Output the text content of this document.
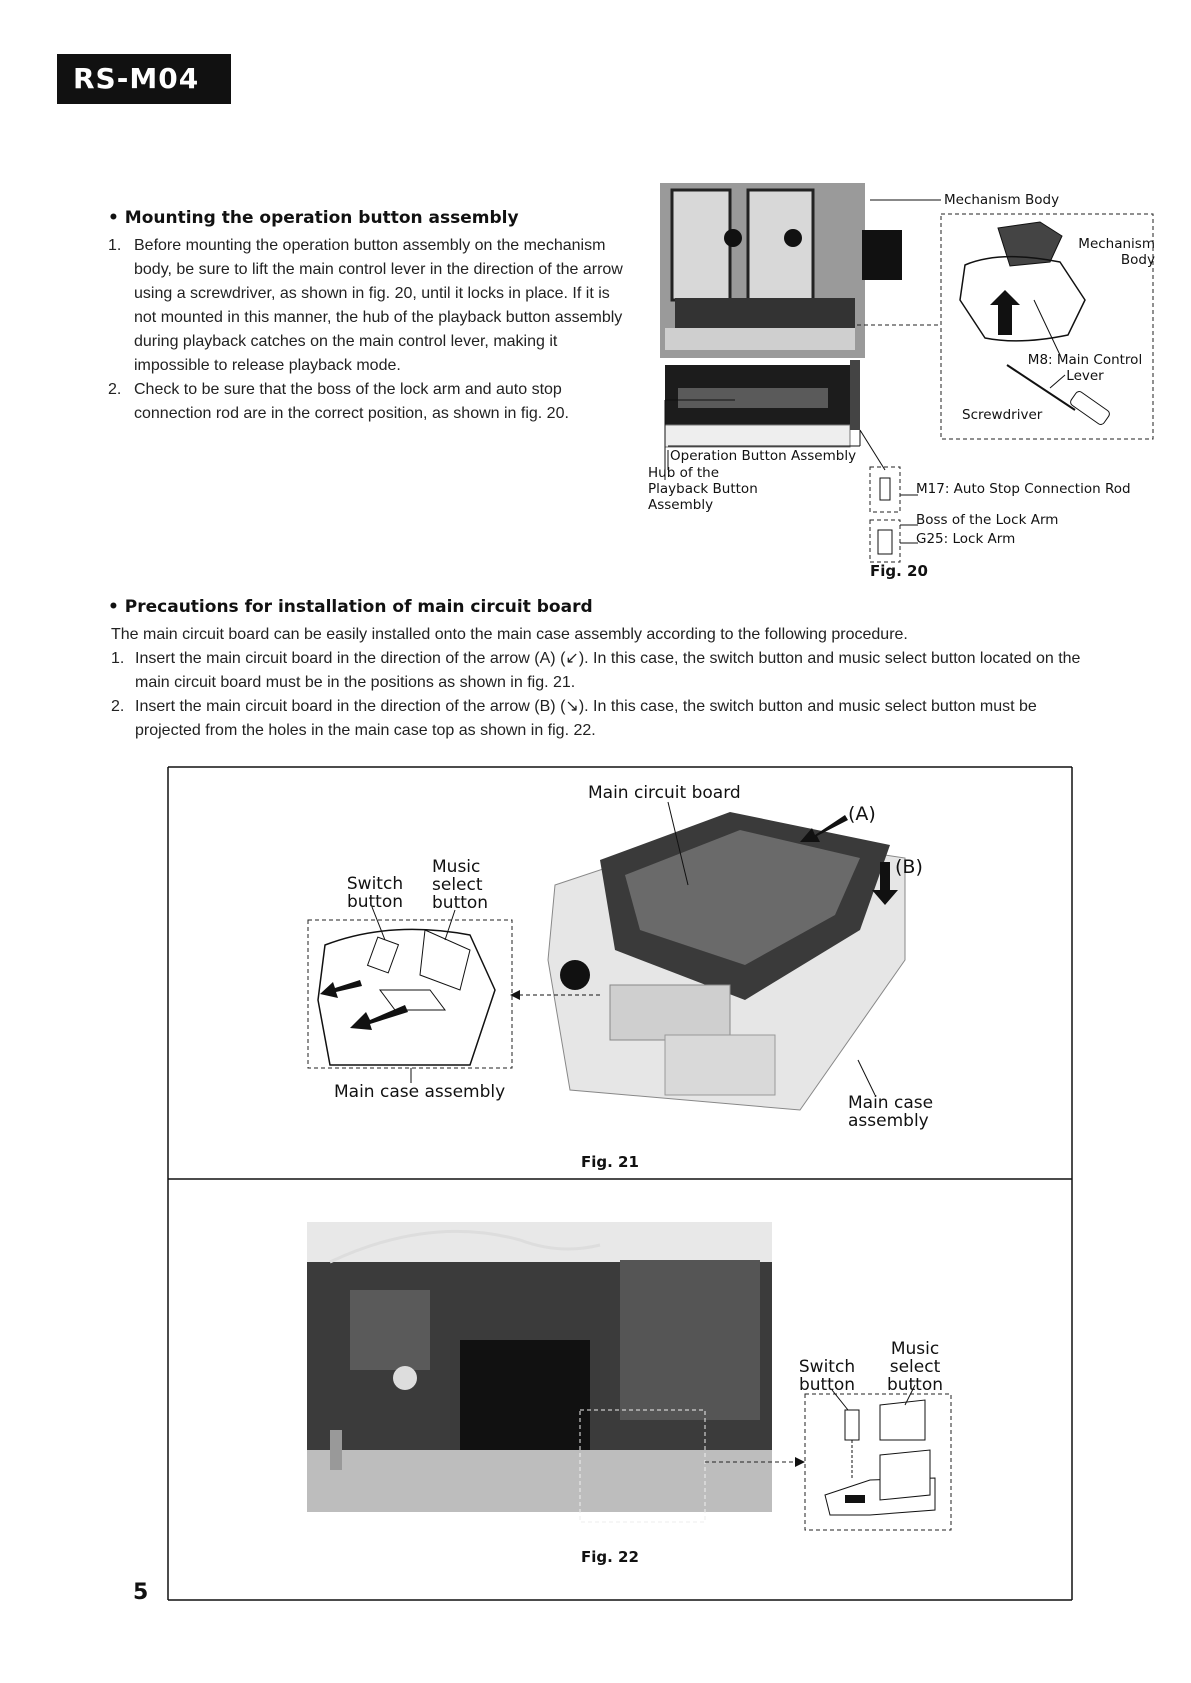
RS-M04
• Mounting the operation button assembly
1. Before mounting the operation button assembly on the mechanism body, be sure to lift the main control lever in the direction of the arrow using a screwdriver, as shown in fig. 20, until it locks in place. If it is not mounted in this manner, the hub of the playback button assembly during playback catches on the main control lever, making it impossible to release playback mode.
2. Check to be sure that the boss of the lock arm and auto stop connection rod are in the correct position, as shown in fig. 20.
Mechanism Body
Mechanism Body
M8: Main Control Lever
Screwdriver
Operation Button Assembly
Hub of the Playback Button Assembly
M17: Auto Stop Connection Rod
Boss of the Lock Arm
G25: Lock Arm
Fig. 20
• Precautions for installation of main circuit board
The main circuit board can be easily installed onto the main case assembly according to the following procedure.
1. Insert the main circuit board in the direction of the arrow (A) (↙). In this case, the switch button and music select button located on the main circuit board must be in the positions as shown in fig. 21.
2. Insert the main circuit board in the direction of the arrow (B) (↘). In this case, the switch button and music select button must be projected from the holes in the main case top as shown in fig. 22.
Main circuit board
(A)
(B)
Switch button
Music select button
Main case assembly
Main case assembly
Fig. 21
Switch button
Music select button
Fig. 22
5
